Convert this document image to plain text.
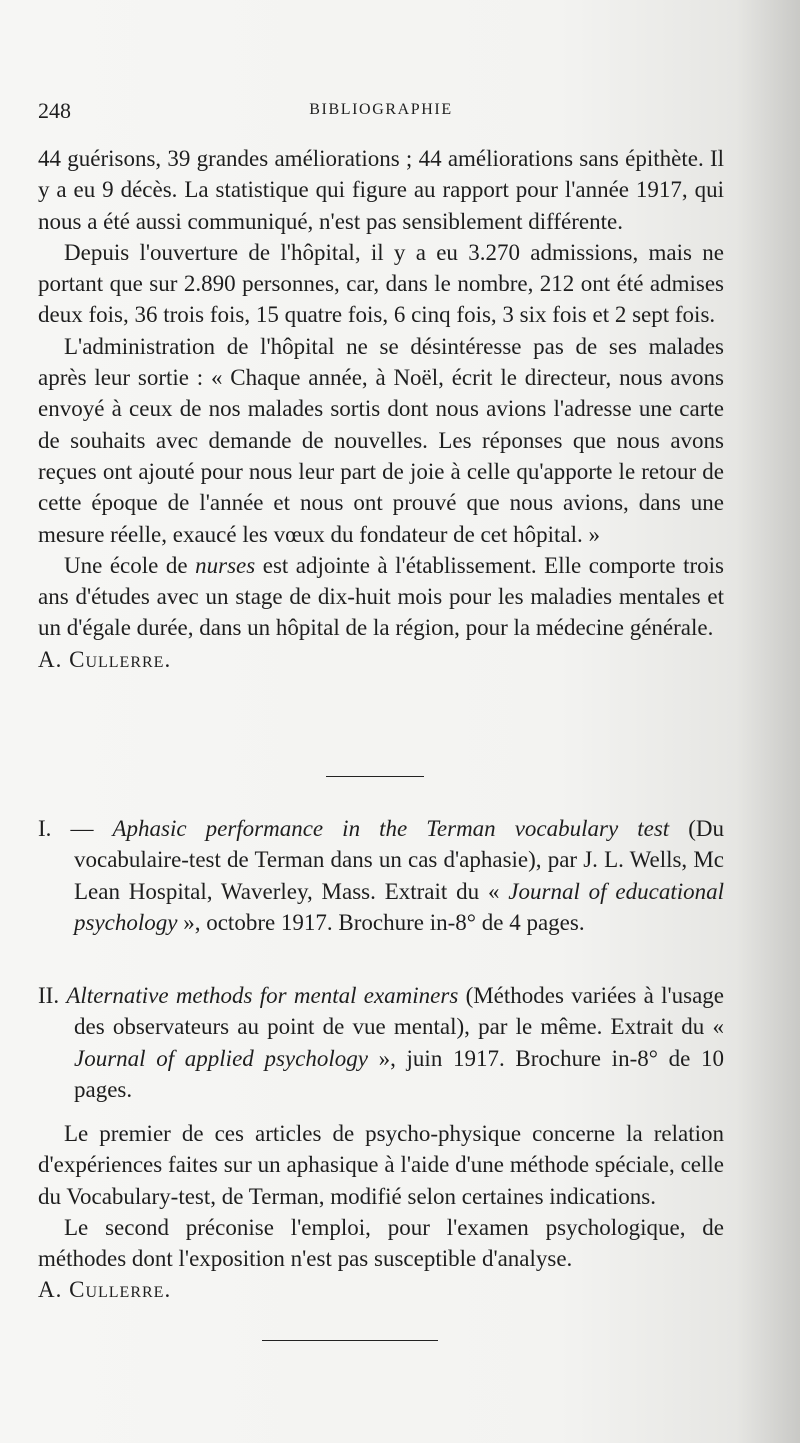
248	BIBLIOGRAPHIE

44 guérisons, 39 grandes améliorations ; 44 améliorations sans épithète. Il y a eu 9 décès. La statistique qui figure au rapport pour l'année 1917, qui nous a été aussi communiqué, n'est pas sensiblement différente.

Depuis l'ouverture de l'hôpital, il y a eu 3.270 admissions, mais ne portant que sur 2.890 personnes, car, dans le nombre, 212 ont été admises deux fois, 36 trois fois, 15 quatre fois, 6 cinq fois, 3 six fois et 2 sept fois.

L'administration de l'hôpital ne se désintéresse pas de ses malades après leur sortie : « Chaque année, à Noël, écrit le directeur, nous avons envoyé à ceux de nos malades sortis dont nous avions l'adresse une carte de souhaits avec demande de nouvelles. Les réponses que nous avons reçues ont ajouté pour nous leur part de joie à celle qu'apporte le retour de cette époque de l'année et nous ont prouvé que nous avions, dans une mesure réelle, exaucé les vœux du fondateur de cet hôpital. »

Une école de nurses est adjointe à l'établissement. Elle comporte trois ans d'études avec un stage de dix-huit mois pour les maladies mentales et un d'égale durée, dans un hôpital de la région, pour la médecine générale.

A. Cullerre.

I. — Aphasic performance in the Terman vocabulary test (Du vocabulaire-test de Terman dans un cas d'aphasie), par J. L. Wells, Mc Lean Hospital, Waverley, Mass. Extrait du « Journal of educational psychology », octobre 1917. Brochure in-8° de 4 pages.

II. Alternative methods for mental examiners (Méthodes variées à l'usage des observateurs au point de vue mental), par le même. Extrait du « Journal of applied psychology », juin 1917. Brochure in-8° de 10 pages.

Le premier de ces articles de psycho-physique concerne la relation d'expériences faites sur un aphasique à l'aide d'une méthode spéciale, celle du Vocabulary-test, de Terman, modifié selon certaines indications.

Le second préconise l'emploi, pour l'examen psychologique, de méthodes dont l'exposition n'est pas susceptible d'analyse.

A. Cullerre.
